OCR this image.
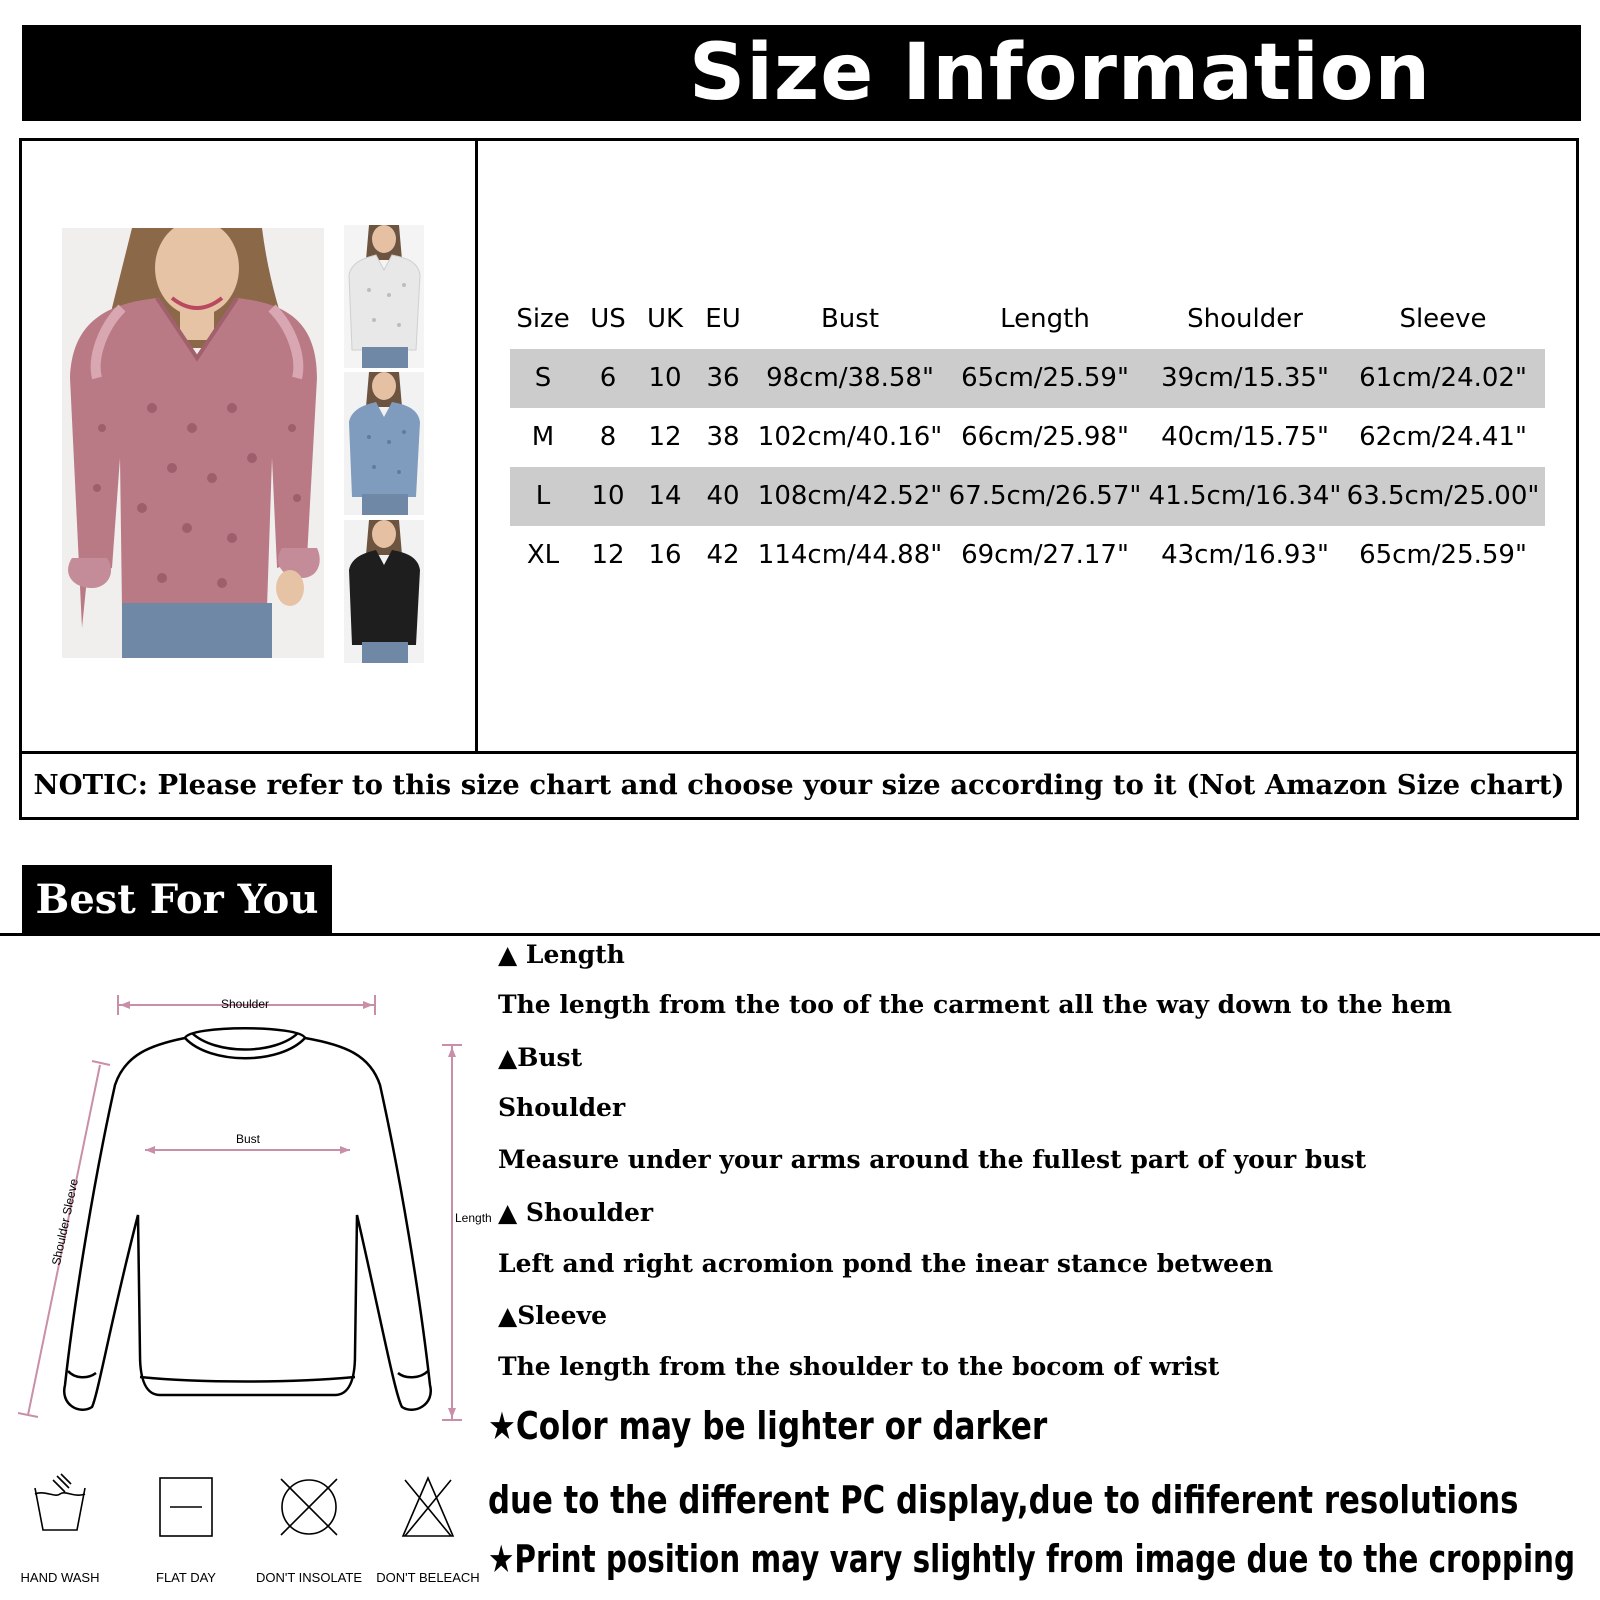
Size Information
Size US UK EU	Bust	Length	Shoulder	Sleeve
S	6	10 36	98cm/38.58"	65cm/25.59"	39cm/15.35"	61cm/24.02"
M	8	12 38 102cm/40.16" 66cm/25.98"	40cm/15.75"	62cm/24.41"
L	10 14 40 108cm/42.52" 67.5cm/26.57" 41.5cm/16.34" 63.5cm/25.00"
XL	12 16 42 114cm/44.88" 69cm/27.17"	43cm/16.93"	65cm/25.59"
NOTIC: Please refer to this size chart and choose your size according to it (Not Amazon Size chart)
Best For You
Shoulder
Bust
Shoulder Sleeve	Length
▲ Length
The length from the too of the carment all the way down to the hem
▲Bust
Shoulder
Measure under your arms around the fullest part of your bust
▲ Shoulder
Left and right acromion pond the inear stance between
▲Sleeve
The length from the shoulder to the bocom of wrist
★Color may be lighter or darker
due to the different PC display,due to dififerent resolutions
★Print position may vary slightly from image due to the cropping
HAND WASH	FLAT DAY	DON'T INSOLATE	DON'T BELEACH
